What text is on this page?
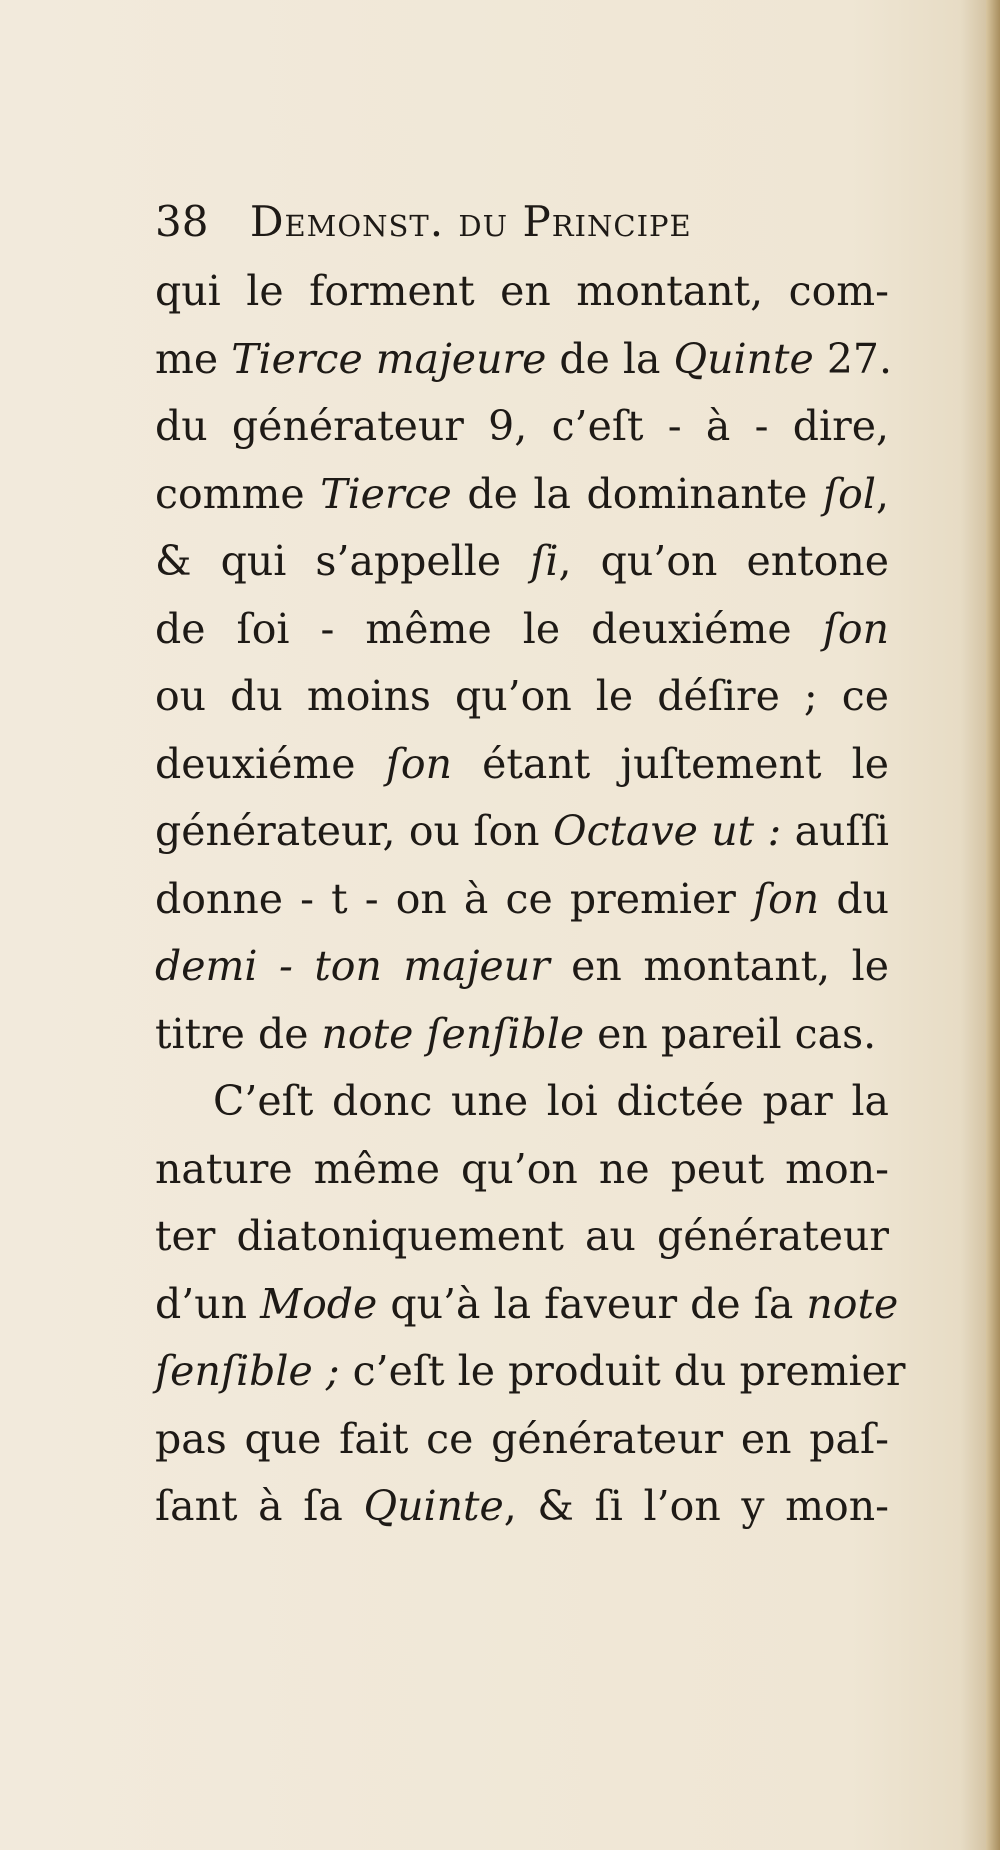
38 Demonst. du Principe
qui le forment en montant, com-
me Tierce majeure de la Quinte 27.
du générateur 9, c’eſt - à - dire,
comme Tierce de la dominante ſol,
& qui s’appelle ſi, qu’on entone
de ſoi - même le deuxiéme ſon
ou du moins qu’on le déſire ; ce
deuxiéme ſon étant juſtement le
générateur, ou ſon Octave ut : auſſi
donne - t - on à ce premier ſon du
demi - ton majeur en montant, le
titre de note ſenſible en pareil cas.
C’eſt donc une loi dictée par la
nature même qu’on ne peut mon-
ter diatoniquement au générateur
d’un Mode qu’à la faveur de ſa note
ſenſible ; c’eſt le produit du premier
pas que fait ce générateur en paſ-
ſant à ſa Quinte, & ſi l’on y mon-
